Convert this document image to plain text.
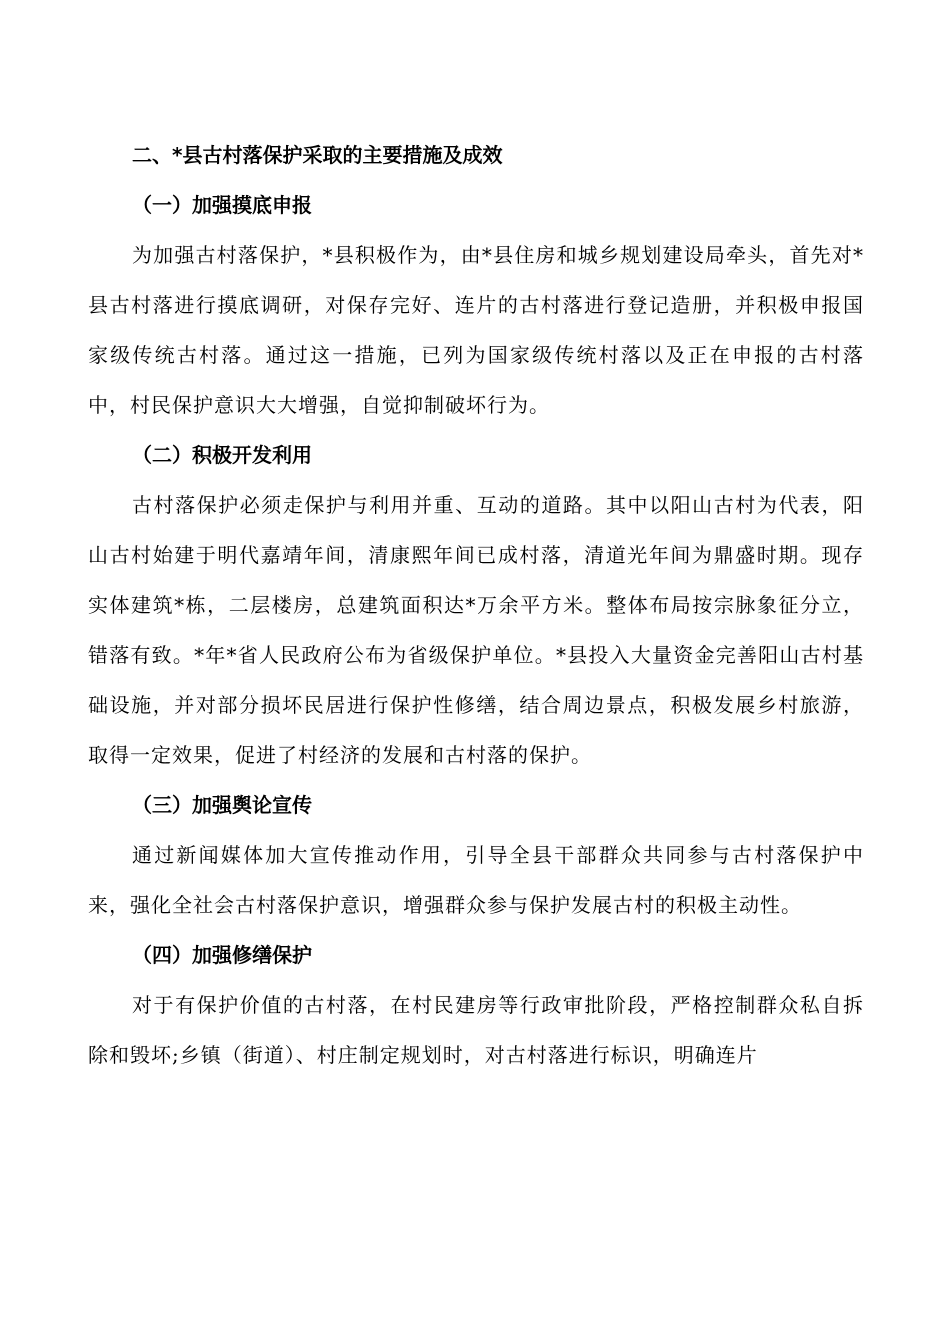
二、*县古村落保护采取的主要措施及成效
（一）加强摸底申报
为加强古村落保护，*县积极作为，由*县住房和城乡规划建设局牵头，首先对*县古村落进行摸底调研，对保存完好、连片的古村落进行登记造册，并积极申报国家级传统古村落。通过这一措施，已列为国家级传统村落以及正在申报的古村落中，村民保护意识大大增强，自觉抑制破坏行为。
（二）积极开发利用
古村落保护必须走保护与利用并重、互动的道路。其中以阳山古村为代表，阳山古村始建于明代嘉靖年间，清康熙年间已成村落，清道光年间为鼎盛时期。现存实体建筑*栋，二层楼房，总建筑面积达*万余平方米。整体布局按宗脉象征分立，错落有致。*年*省人民政府公布为省级保护单位。*县投入大量资金完善阳山古村基础设施，并对部分损坏民居进行保护性修缮，结合周边景点，积极发展乡村旅游，取得一定效果，促进了村经济的发展和古村落的保护。
（三）加强舆论宣传
通过新闻媒体加大宣传推动作用，引导全县干部群众共同参与古村落保护中来，强化全社会古村落保护意识，增强群众参与保护发展古村的积极主动性。
（四）加强修缮保护
对于有保护价值的古村落，在村民建房等行政审批阶段，严格控制群众私自拆除和毁坏;乡镇（街道）、村庄制定规划时，对古村落进行标识，明确连片
